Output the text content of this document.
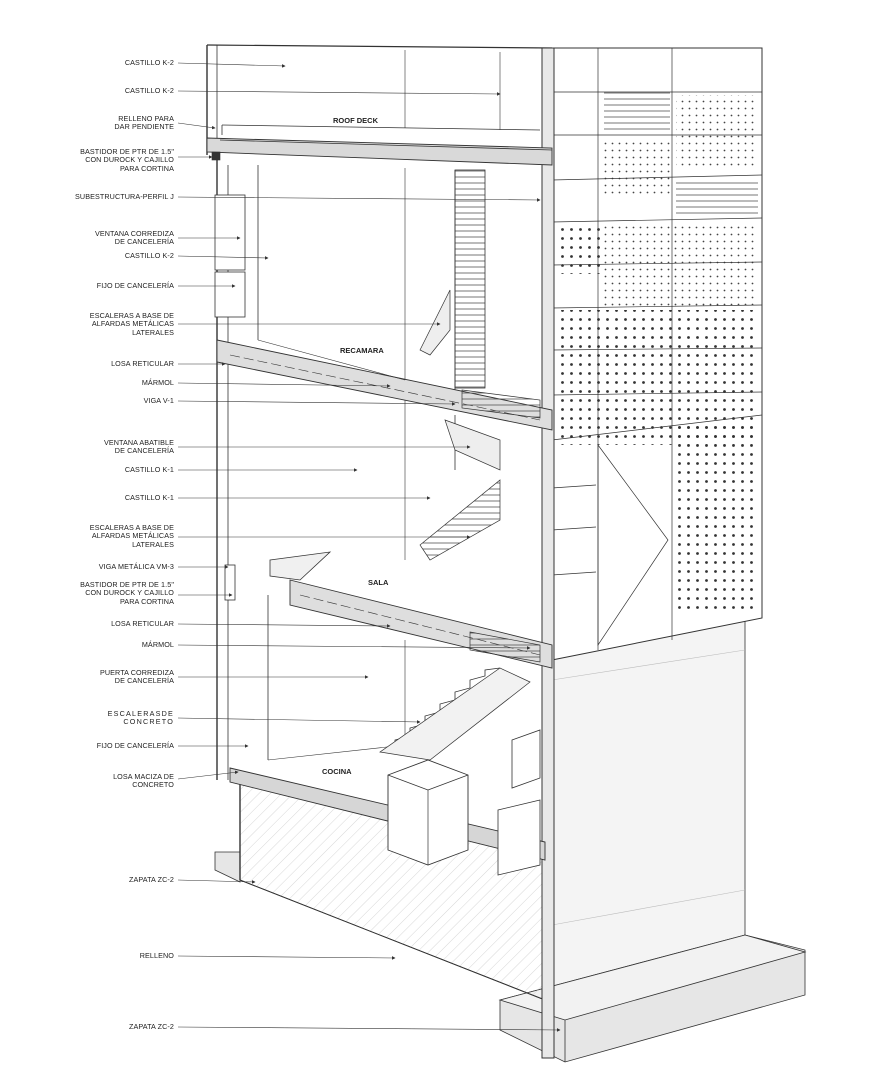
CASTILLO K-2
CASTILLO K-2
RELLENO PARA
DAR PENDIENTE
BASTIDOR DE PTR DE 1.5"
CON DUROCK Y CAJILLO
PARA CORTINA
SUBESTRUCTURA-PERFIL J
VENTANA CORREDIZA
DE CANCELERÍA
CASTILLO K-2
FIJO DE CANCELERÍA
ESCALERAS A BASE DE
ALFARDAS METÁLICAS
LATERALES
LOSA RETICULAR
MÁRMOL
VIGA V-1
VENTANA ABATIBLE
DE CANCELERÍA
CASTILLO K-1
CASTILLO K-1
ESCALERAS A BASE DE
ALFARDAS METÁLICAS
LATERALES
VIGA METÁLICA VM-3
BASTIDOR DE PTR DE 1.5"
CON DUROCK Y CAJILLO
PARA CORTINA
LOSA RETICULAR
MÁRMOL
PUERTA CORREDIZA
DE CANCELERÍA
ESCALERASDE
CONCRETO
FIJO DE CANCELERÍA
LOSA MACIZA DE
CONCRETO
ZAPATA ZC-2
RELLENO
ZAPATA ZC-2
ROOF DECK
RECAMARA
SALA
COCINA
